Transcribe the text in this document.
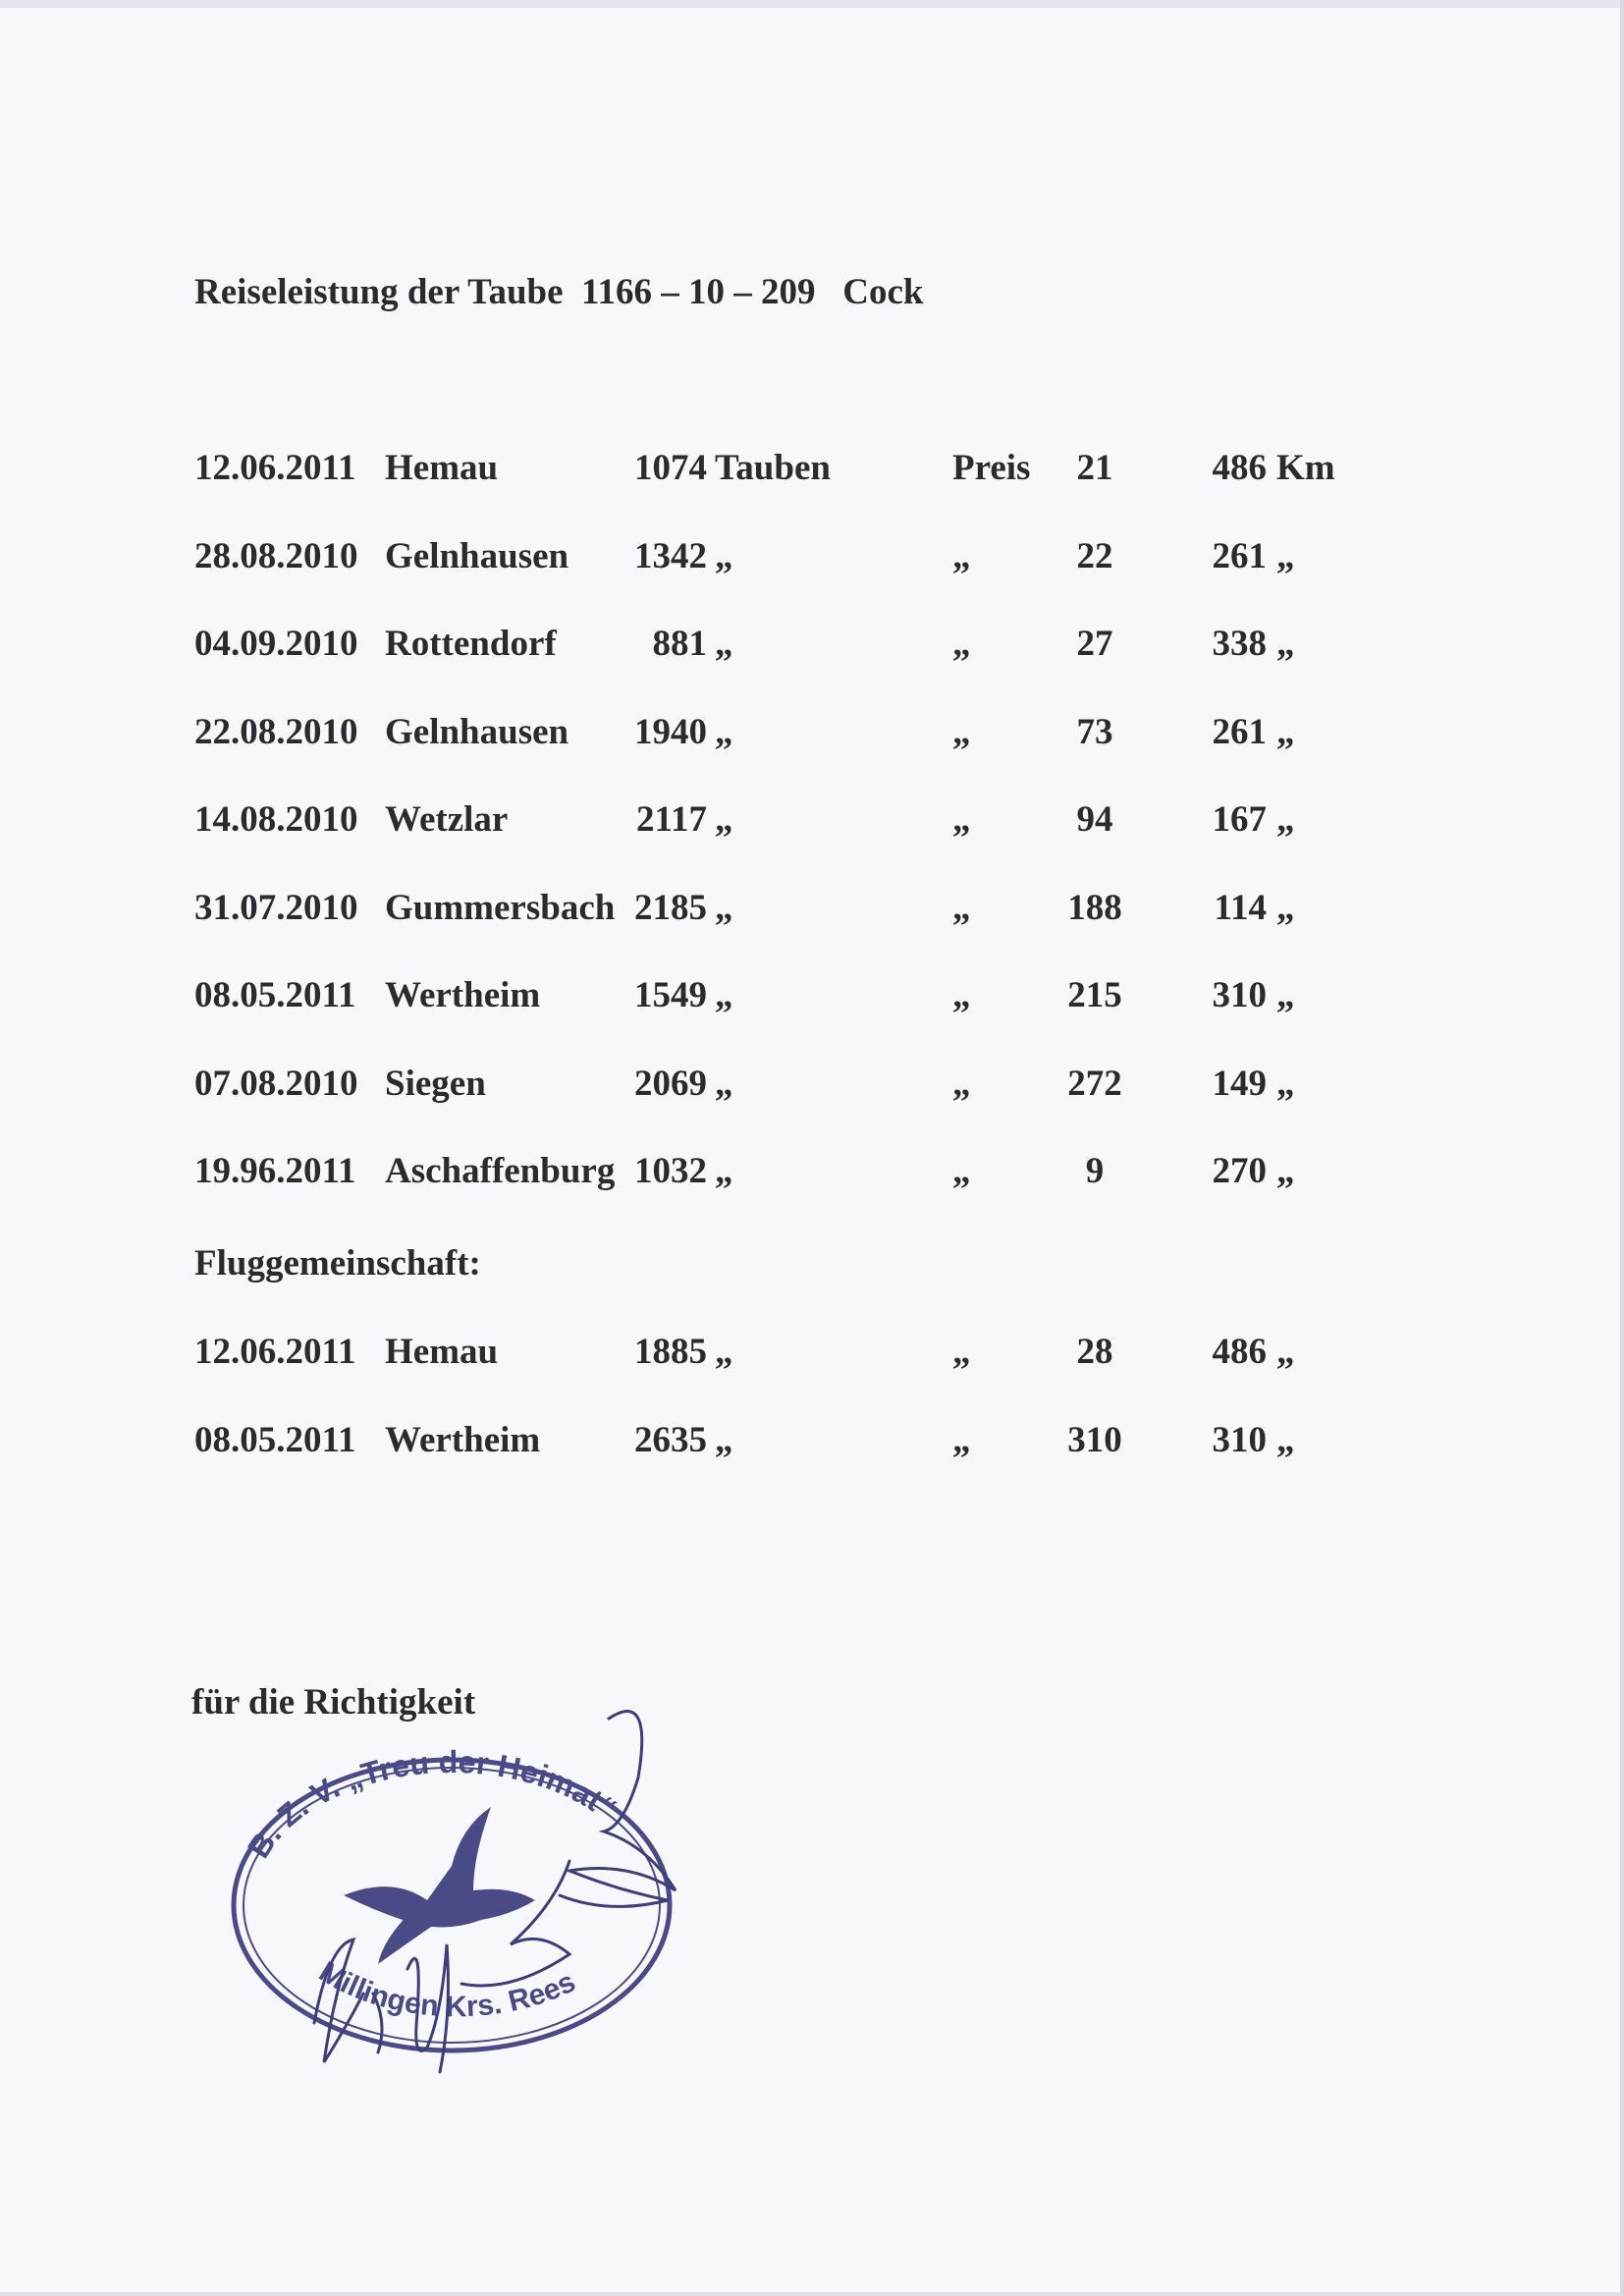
Reiseleistung der Taube  1166 – 10 – 209   Cock
12.06.2011 Hemau	1074 Tauben	Preis	21	486 Km
28.08.2010 Gelnhausen 1342 „	„	22	261 „
04.09.2010 Rottendorf	881 „	„	27	338 „
22.08.2010 Gelnhausen 1940 „	„	73	261 „
14.08.2010 Wetzlar	2117 „	„	94	167 „
31.07.2010 Gummersbach 2185 „	„	188	114 „
08.05.2011 Wertheim	1549 „	„	215	310 „
07.08.2010 Siegen	2069 „	„	272	149 „
19.96.2011 Aschaffenburg 1032 „	„	9	270 „
Fluggemeinschaft:
12.06.2011 Hemau	1885 „	„	28	486 „
08.05.2011 Wertheim	2635 „	„	310	310 „
für die Richtigkeit
B. Z. V. „Treu der Heimat“
Millingen Krs. Rees
